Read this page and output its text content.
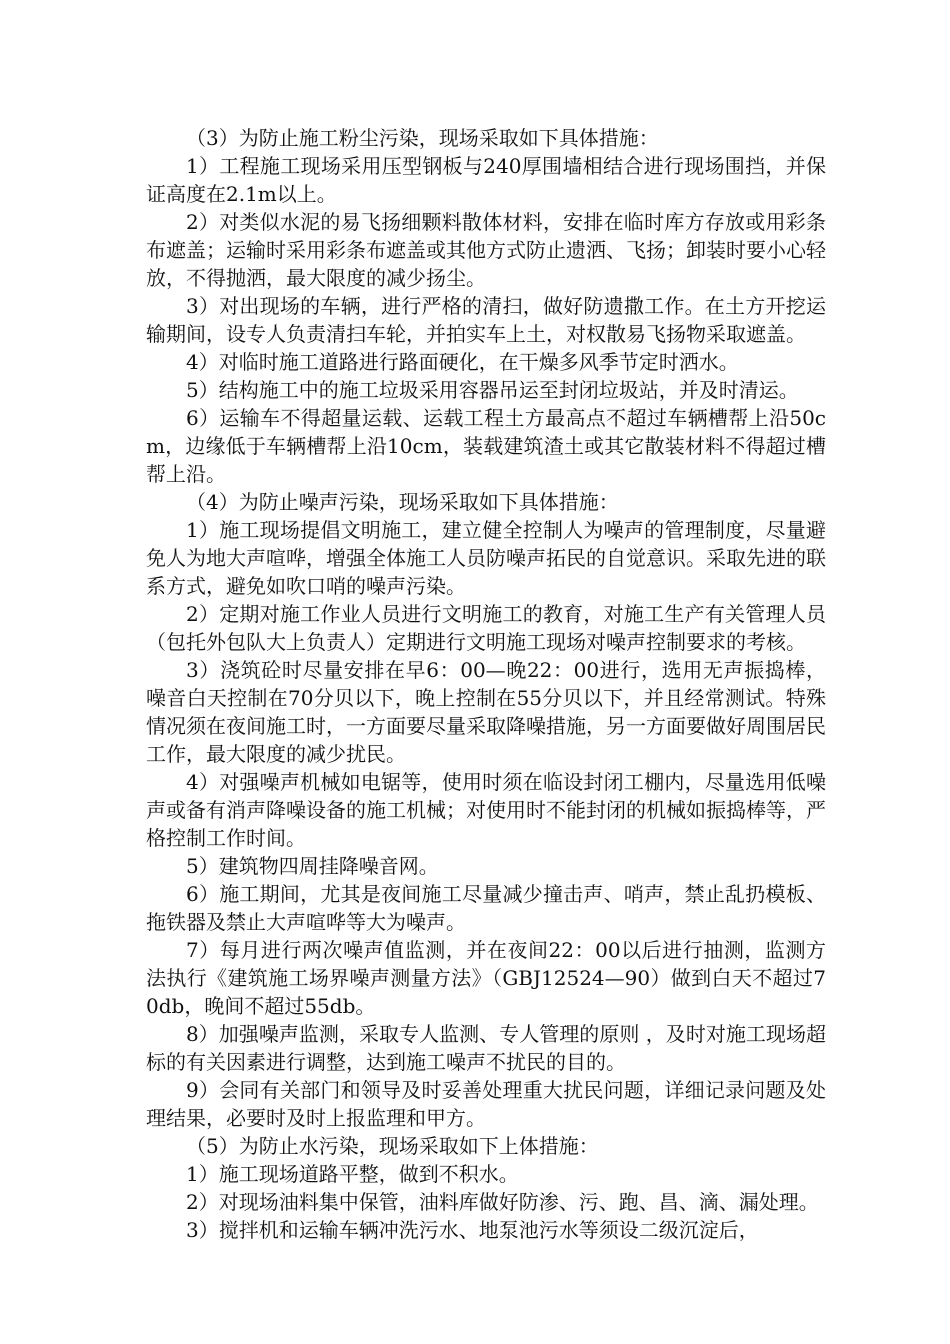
（3）为防止施工粉尘污染，现场采取如下具体措施：

1）工程施工现场采用压型钢板与240厚围墙相结合进行现场围挡，并保证高度在2.1m以上。

2）对类似水泥的易飞扬细颗料散体材料，安排在临时库方存放或用彩条布遮盖；运输时采用彩条布遮盖或其他方式防止遗洒、飞扬；卸装时要小心轻放，不得抛洒，最大限度的减少扬尘。

3）对出现场的车辆，进行严格的清扫，做好防遗撒工作。在土方开挖运输期间，设专人负责清扫车轮，并拍实车上土，对权散易飞扬物采取遮盖。

4）对临时施工道路进行路面硬化，在干燥多风季节定时洒水。

5）结构施工中的施工垃圾采用容器吊运至封闭垃圾站，并及时清运。

6）运输车不得超量运载、运载工程土方最高点不超过车辆槽帮上沿50cm，边缘低于车辆槽帮上沿10cm，装载建筑渣土或其它散装材料不得超过槽帮上沿。

（4）为防止噪声污染，现场采取如下具体措施：

1）施工现场提倡文明施工，建立健全控制人为噪声的管理制度，尽量避免人为地大声喧哗，增强全体施工人员防噪声拓民的自觉意识。采取先进的联系方式，避免如吹口哨的噪声污染。

2）定期对施工作业人员进行文明施工的教育，对施工生产有关管理人员（包托外包队大上负责人）定期进行文明施工现场对噪声控制要求的考核。

3）浇筑砼时尽量安排在早6：00—晚22：00进行，选用无声振捣棒，噪音白天控制在70分贝以下，晚上控制在55分贝以下，并且经常测试。特殊情况须在夜间施工时，一方面要尽量采取降噪措施，另一方面要做好周围居民工作，最大限度的减少扰民。

4）对强噪声机械如电锯等，使用时须在临设封闭工棚内，尽量选用低噪声或备有消声降噪设备的施工机械；对使用时不能封闭的机械如振捣棒等，严格控制工作时间。

5）建筑物四周挂降噪音网。

6）施工期间，尤其是夜间施工尽量减少撞击声、哨声，禁止乱扔模板、拖铁器及禁止大声喧哗等大为噪声。

7）每月进行两次噪声值监测，并在夜间22：00以后进行抽测，监测方法执行《建筑施工场界噪声测量方法》（GBJ12524—90）做到白天不超过70db，晚间不超过55db。

8）加强噪声监测，采取专人监测、专人管理的原则 ，及时对施工现场超标的有关因素进行调整，达到施工噪声不扰民的目的。

9）会同有关部门和领导及时妥善处理重大扰民问题，详细记录问题及处理结果，必要时及时上报监理和甲方。

（5）为防止水污染，现场采取如下上体措施：

1）施工现场道路平整，做到不积水。

2）对现场油料集中保管，油料库做好防渗、污、跑、昌、滴、漏处理。

3）搅拌机和运输车辆冲洗污水、地泵池污水等须设二级沉淀后，
